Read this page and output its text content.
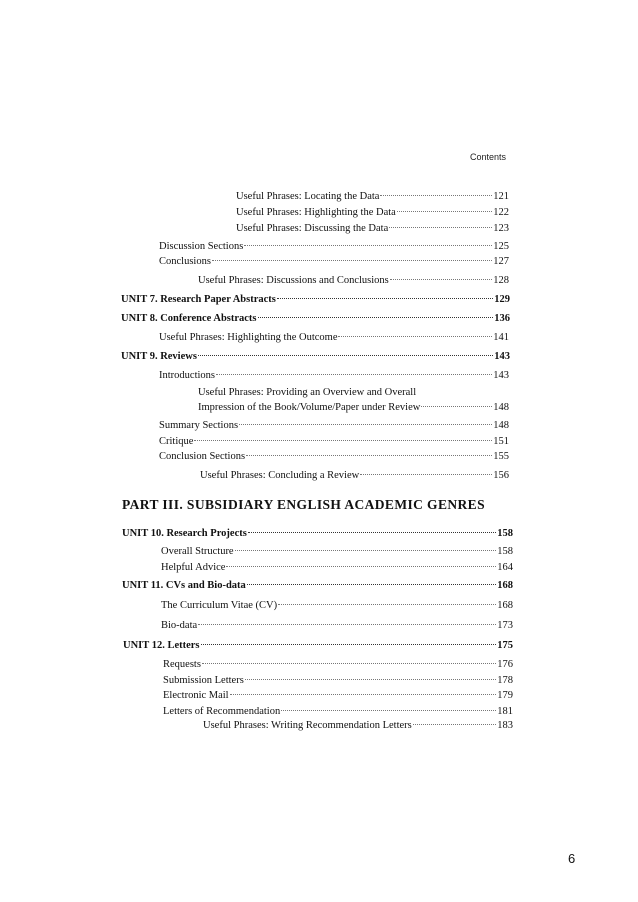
Contents
Useful Phrases: Locating the Data	121
Useful Phrases: Highlighting the Data	122
Useful Phrases: Discussing the Data	123
Discussion Sections	125
Conclusions	127
Useful Phrases: Discussions and Conclusions	128
UNIT 7. Research Paper Abstracts	129
UNIT 8. Conference Abstracts	136
Useful Phrases: Highlighting the Outcome	141
UNIT 9. Reviews	143
Introductions	143
Useful Phrases: Providing an Overview and Overall
Impression of the Book/Volume/Paper under Review	148
Summary Sections	148
Critique	151
Conclusion Sections	155
Useful Phrases: Concluding a Review	156
PART III. SUBSIDIARY ENGLISH ACADEMIC GENRES
UNIT 10. Research Projects	158
Overall Structure	158
Helpful Advice	164
UNIT 11. CVs and Bio-data	168
The Curriculum Vitae (CV)	168
Bio-data	173
UNIT 12. Letters	175
Requests	176
Submission Letters	178
Electronic Mail	179
Letters of Recommendation	181
Useful Phrases: Writing Recommendation Letters	183
6
